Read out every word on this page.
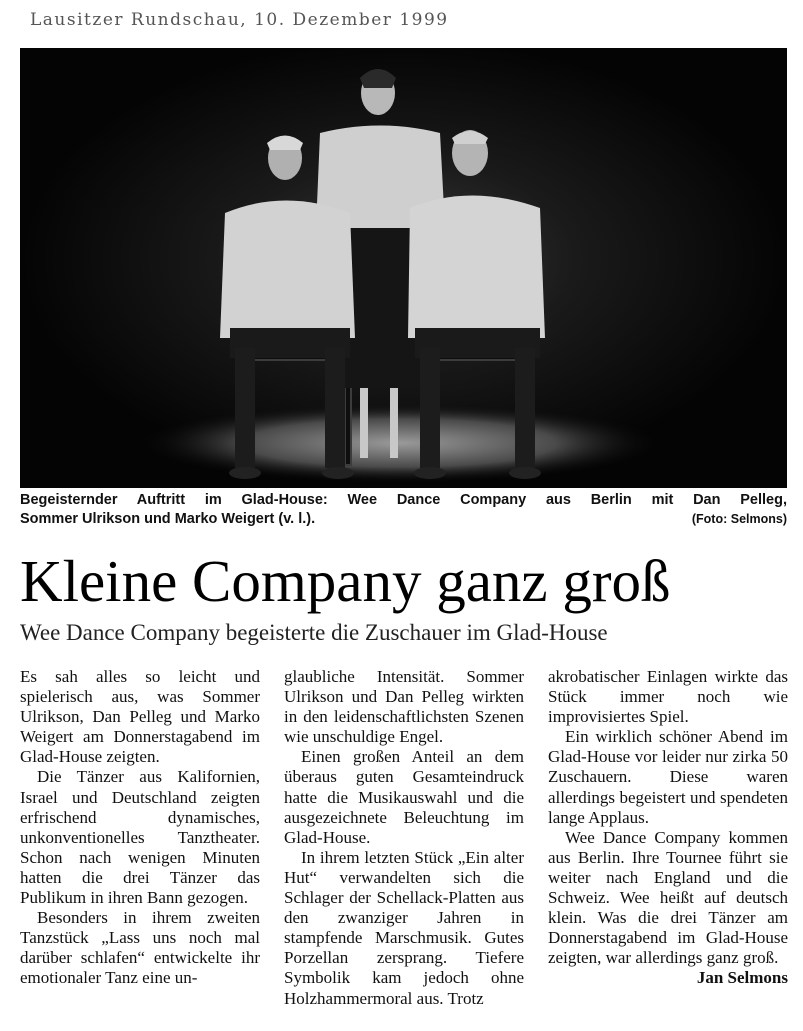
Lausitzer Rundschau, 10. Dezember 1999
Begeisternder Auftritt im Glad-House: Wee Dance Company aus Berlin mit Dan Pelleg,
Sommer Ulrikson und Marko Weigert (v. l.).	(Foto: Selmons)
Kleine Company ganz groß
Wee Dance Company begeisterte die Zuschauer im Glad-House

Es sah alles so leicht und spielerisch aus, was Sommer Ulrikson, Dan Pelleg und Marko Weigert am Donnerstagabend im Glad-House zeigten.

Die Tänzer aus Kalifornien, Israel und Deutschland zeigten erfrischend dynamisches, unkonventionelles Tanztheater. Schon nach wenigen Minuten hatten die drei Tänzer das Publikum in ihren Bann gezogen.

Besonders in ihrem zweiten Tanzstück „Lass uns noch mal darüber schlafen“ entwickelte ihr emotionaler Tanz eine un-

glaubliche Intensität. Sommer Ulrikson und Dan Pelleg wirkten in den leidenschaftlichsten Szenen wie unschuldige Engel.

Einen großen Anteil an dem überaus guten Gesamteindruck hatte die Musikauswahl und die ausgezeichnete Beleuchtung im Glad-House.

In ihrem letzten Stück „Ein alter Hut“ verwandelten sich die Schlager der Schellack-Platten aus den zwanziger Jahren in stampfende Marschmusik. Gutes Porzellan zersprang. Tiefere Symbolik kam jedoch ohne Holzhammermoral aus. Trotz

akrobatischer Einlagen wirkte das Stück immer noch wie improvisiertes Spiel.

Ein wirklich schöner Abend im Glad-House vor leider nur zirka 50 Zuschauern. Diese waren allerdings begeistert und spendeten lange Applaus.

Wee Dance Company kommen aus Berlin. Ihre Tournee führt sie weiter nach England und die Schweiz. Wee heißt auf deutsch klein. Was die drei Tänzer am Donnerstagabend im Glad-House zeigten, war allerdings ganz groß.

Jan Selmons
